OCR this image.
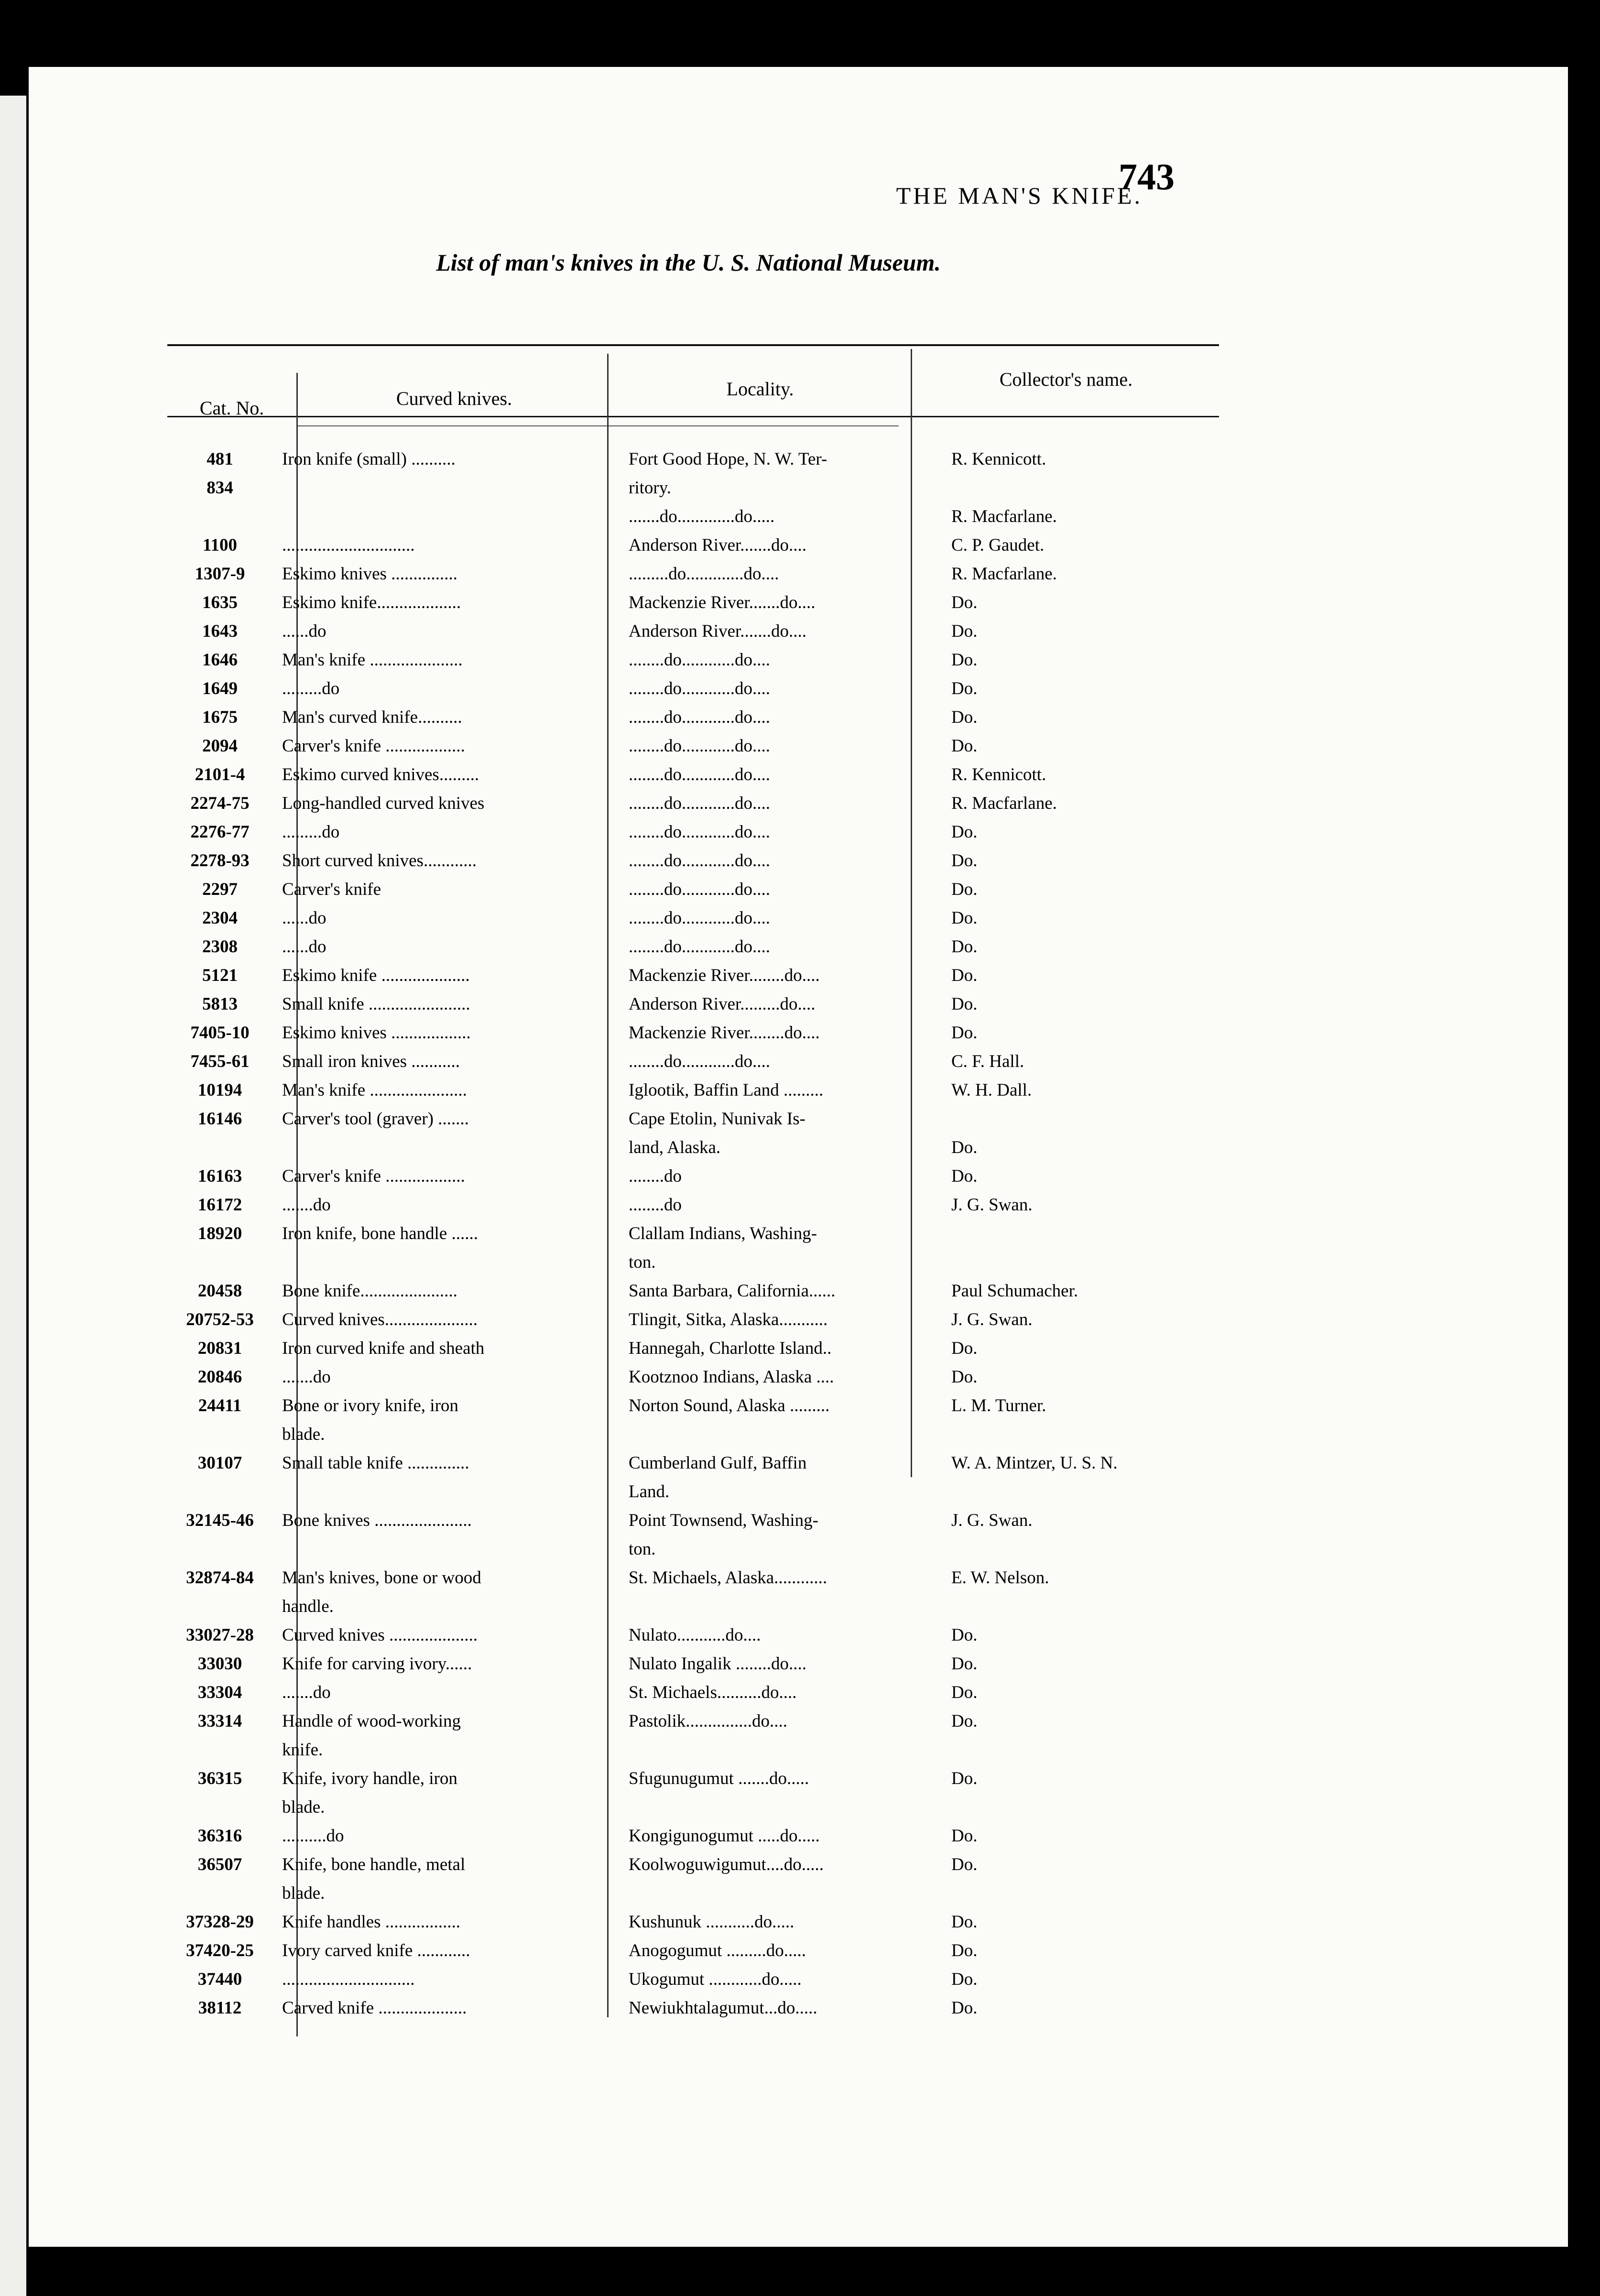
THE MAN'S KNIFE.
743
List of man's knives in the U. S. National Museum.
Cat. No.	Curved knives.	Locality.	Collector's name.
481	Iron knife (small) ..........	Fort Good Hope, N. W. Ter-	R. Kennicott.
834		ritory.	
		.......do.............do.....	R. Macfarlane.
1100	..............................	Anderson River.......do....	C. P. Gaudet.
1307-9	Eskimo knives ...............	.........do.............do....	R. Macfarlane.
1635	Eskimo knife...................	Mackenzie River.......do....	Do.
1643	......do	Anderson River.......do....	Do.
1646	Man's knife .....................	........do............do....	Do.
1649	.........do	........do............do....	Do.
1675	Man's curved knife..........	........do............do....	Do.
2094	Carver's knife ..................	........do............do....	Do.
2101-4	Eskimo curved knives.........	........do............do....	R. Kennicott.
2274-75	Long-handled curved knives	........do............do....	R. Macfarlane.
2276-77	.........do	........do............do....	Do.
2278-93	Short curved knives............	........do............do....	Do.
2297	Carver's knife	........do............do....	Do.
2304	......do	........do............do....	Do.
2308	......do	........do............do....	Do.
5121	Eskimo knife ....................	Mackenzie River........do....	Do.
5813	Small knife .......................	Anderson River.........do....	Do.
7405-10	Eskimo knives ..................	Mackenzie River........do....	Do.
7455-61	Small iron knives ...........	........do............do....	C. F. Hall.
10194	Man's knife ......................	Iglootik, Baffin Land .........	W. H. Dall.
16146	Carver's tool (graver) .......	Cape Etolin, Nunivak Is-	
		land, Alaska.	Do.
16163	Carver's knife ..................	........do	Do.
16172	.......do	........do	J. G. Swan.
18920	Iron knife, bone handle ......	Clallam Indians, Washing-	
		ton.	
20458	Bone knife......................	Santa Barbara, California......	Paul Schumacher.
20752-53	Curved knives.....................	Tlingit, Sitka, Alaska...........	J. G. Swan.
20831	Iron curved knife and sheath	Hannegah, Charlotte Island..	Do.
20846	.......do	Kootznoo Indians, Alaska ....	Do.
24411	Bone or ivory knife, iron	Norton Sound, Alaska .........	L. M. Turner.
	blade.		
30107	Small table knife ..............	Cumberland Gulf, Baffin	W. A. Mintzer, U. S. N.
		Land.	
32145-46	Bone knives ......................	Point Townsend, Washing-	J. G. Swan.
		ton.	
32874-84	Man's knives, bone or wood	St. Michaels, Alaska............	E. W. Nelson.
	handle.		
33027-28	Curved knives ....................	Nulato...........do....	Do.
33030	Knife for carving ivory......	Nulato Ingalik ........do....	Do.
33304	.......do	St. Michaels..........do....	Do.
33314	Handle of wood-working	Pastolik...............do....	Do.
	knife.		
36315	Knife, ivory handle, iron	Sfugunugumut .......do.....	Do.
	blade.		
36316	..........do	Kongigunogumut .....do.....	Do.
36507	Knife, bone handle, metal	Koolwoguwigumut....do.....	Do.
	blade.		
37328-29	Knife handles .................	Kushunuk ...........do.....	Do.
37420-25	Ivory carved knife ............	Anogogumut .........do.....	Do.
37440	..............................	Ukogumut ............do.....	Do.
38112	Carved knife ....................	Newiukhtalagumut...do.....	Do.
